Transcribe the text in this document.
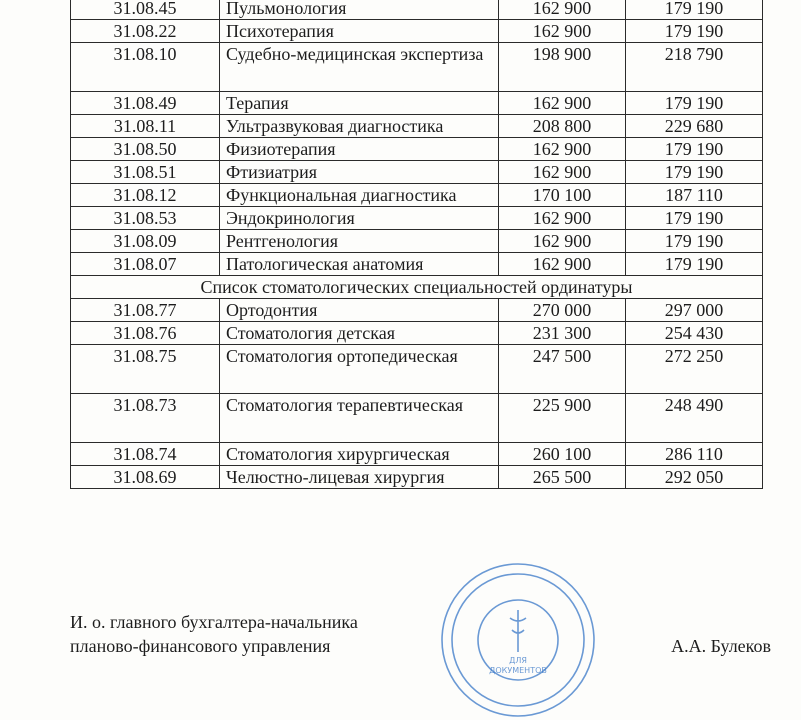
31.08.45	Пульмонология	162 900	179 190
31.08.22	Психотерапия	162 900	179 190
31.08.10	Судебно-медицинская экспертиза	198 900	218 790
31.08.49	Терапия	162 900	179 190
31.08.11	Ультразвуковая диагностика	208 800	229 680
31.08.50	Физиотерапия	162 900	179 190
31.08.51	Фтизиатрия	162 900	179 190
31.08.12	Функциональная диагностика	170 100	187 110
31.08.53	Эндокринология	162 900	179 190
31.08.09	Рентгенология	162 900	179 190
31.08.07	Патологическая анатомия	162 900	179 190
Список стоматологических специальностей ординатуры			
31.08.77	Ортодонтия	270 000	297 000
31.08.76	Стоматология детская	231 300	254 430
31.08.75	Стоматология ортопедическая	247 500	272 250
31.08.73	Стоматология терапевтическая	225 900	248 490
31.08.74	Стоматология хирургическая	260 100	286 110
31.08.69	Челюстно-лицевая хирургия	265 500	292 050
И. о. главного бухгалтера-начальника
планово-финансового управления	А.А. Булеков
ДЛЯ
ДОКУМЕНТОВ
